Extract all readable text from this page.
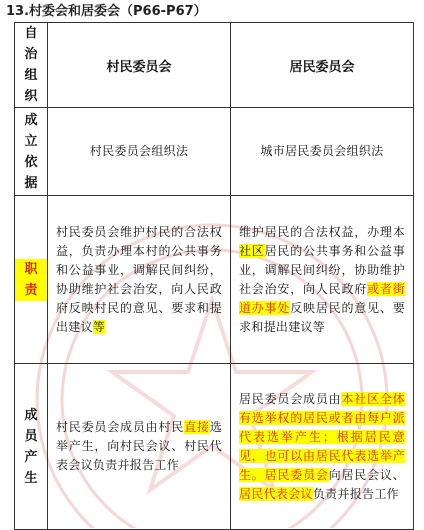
13.村委会和居委会（P66-P67）
自
治
组
织	村民委员会	居民委员会

成
立
依
据	村民委员会组织法	城市居民委员会组织法

职
责	村民委员会维护村民的合法权益，负责办理本村的公共事务和公益事业，调解民间纠纷，协助维护社会治安，向人民政府反映村民的意见、要求和提出建议等	维护居民的合法权益，办理本社区居民的公共事务和公益事业，调解民间纠纷，协助维护社会治安，向人民政府或者街道办事处反映居民的意见、要求和提出建议等

成
员
产
生	村民委员会成员由村民直接选举产生，向村民会议、村民代表会议负责并报告工作	居民委员会成员由本社区全体有选举权的居民或者由每户派代表选举产生；根据居民意见，也可以由居民代表选举产生。居民委员会向居民会议、居民代表会议负责并报告工作
